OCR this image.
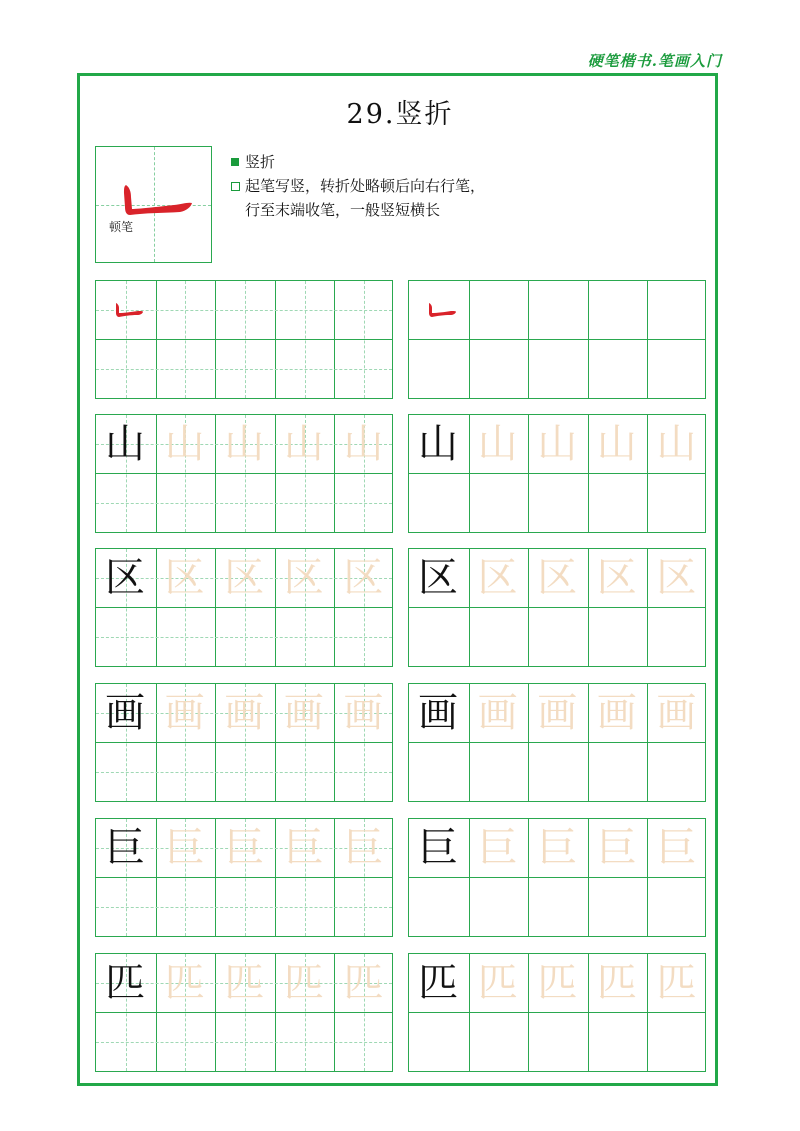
硬笔楷书.笔画入门
29.竖折
顿笔
竖折
起笔写竖，转折处略顿后向右行笔，
行至末端收笔，一般竖短横长
山 山 山 山 山 山 山 山 山 山
区 区 区 区 区 区 区 区 区 区
画 画 画 画 画 画 画 画 画 画
巨 巨 巨 巨 巨 巨 巨 巨 巨 巨
匹 匹 匹 匹 匹 匹 匹 匹 匹 匹
